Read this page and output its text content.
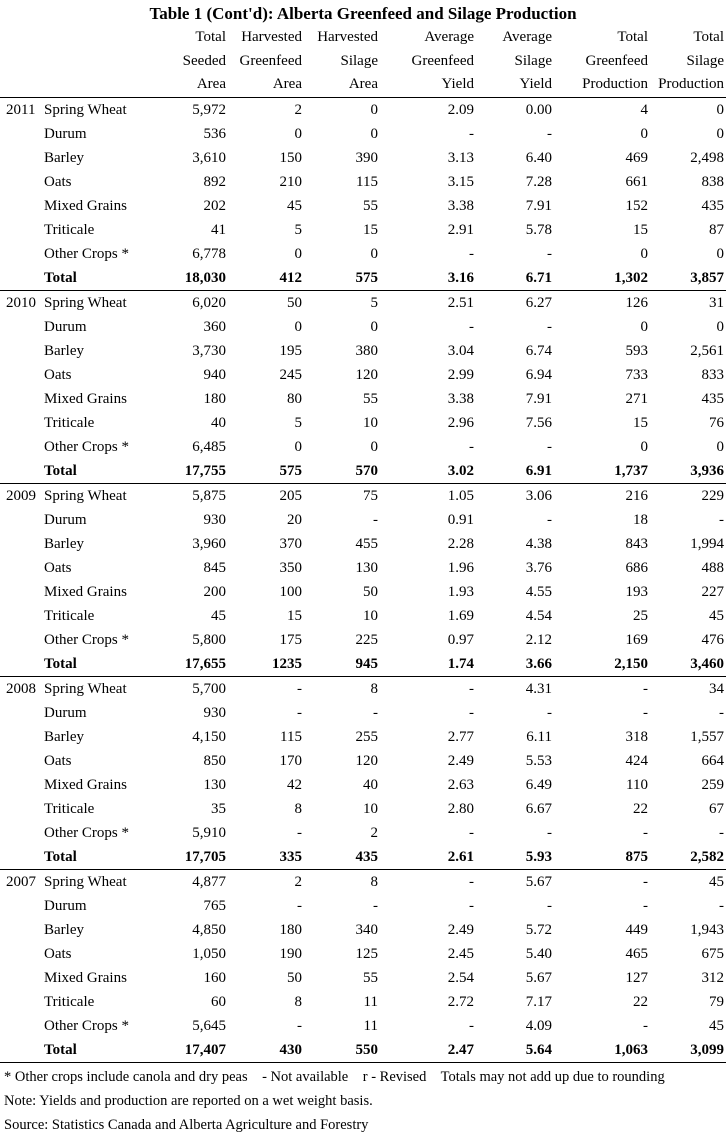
Table 1 (Cont'd): Alberta Greenfeed and Silage Production
		Total	Harvested	Harvested	Average	Average	Total	Total
		Seeded	Greenfeed	Silage	Greenfeed	Silage	Greenfeed	Silage
		Area	Area	Area	Yield	Yield	Production	Production
2011	Spring Wheat	5,972	2	0	2.09	0.00	4	0
	Durum	536	0	0	-	-	0	0
	Barley	3,610	150	390	3.13	6.40	469	2,498
	Oats	892	210	115	3.15	7.28	661	838
	Mixed Grains	202	45	55	3.38	7.91	152	435
	Triticale	41	5	15	2.91	5.78	15	87
	Other Crops *	6,778	0	0	-	-	0	0
	Total	18,030	412	575	3.16	6.71	1,302	3,857
2010	Spring Wheat	6,020	50	5	2.51	6.27	126	31
	Durum	360	0	0	-	-	0	0
	Barley	3,730	195	380	3.04	6.74	593	2,561
	Oats	940	245	120	2.99	6.94	733	833
	Mixed Grains	180	80	55	3.38	7.91	271	435
	Triticale	40	5	10	2.96	7.56	15	76
	Other Crops *	6,485	0	0	-	-	0	0
	Total	17,755	575	570	3.02	6.91	1,737	3,936
2009	Spring Wheat	5,875	205	75	1.05	3.06	216	229
	Durum	930	20	-	0.91	-	18	-
	Barley	3,960	370	455	2.28	4.38	843	1,994
	Oats	845	350	130	1.96	3.76	686	488
	Mixed Grains	200	100	50	1.93	4.55	193	227
	Triticale	45	15	10	1.69	4.54	25	45
	Other Crops *	5,800	175	225	0.97	2.12	169	476
	Total	17,655	1235	945	1.74	3.66	2,150	3,460
2008	Spring Wheat	5,700	-	8	-	4.31	-	34
	Durum	930	-	-	-	-	-	-
	Barley	4,150	115	255	2.77	6.11	318	1,557
	Oats	850	170	120	2.49	5.53	424	664
	Mixed Grains	130	42	40	2.63	6.49	110	259
	Triticale	35	8	10	2.80	6.67	22	67
	Other Crops *	5,910	-	2	-	-	-	-
	Total	17,705	335	435	2.61	5.93	875	2,582
2007	Spring Wheat	4,877	2	8	-	5.67	-	45
	Durum	765	-	-	-	-	-	-
	Barley	4,850	180	340	2.49	5.72	449	1,943
	Oats	1,050	190	125	2.45	5.40	465	675
	Mixed Grains	160	50	55	2.54	5.67	127	312
	Triticale	60	8	11	2.72	7.17	22	79
	Other Crops *	5,645	-	11	-	4.09	-	45
	Total	17,407	430	550	2.47	5.64	1,063	3,099
* Other crops include canola and dry peas    - Not available    r - Revised    Totals may not add up due to rounding
Note: Yields and production are reported on a wet weight basis.
Source: Statistics Canada and Alberta Agriculture and Forestry
